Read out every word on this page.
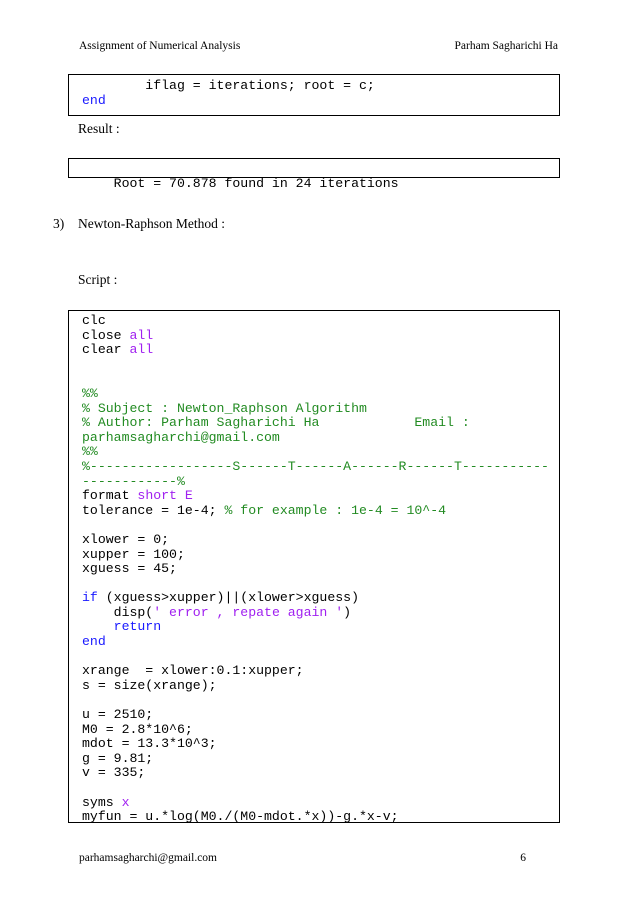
Assignment of Numerical Analysis	Parham Sagharichi Ha
iflag = iterations; root = c;
end
Result :

Root = 70.878 found in 24 iterations

3) Newton-Raphson Method :
Script :
clc
close all
clear all

%%
% Subject : Newton_Raphson Algorithm
% Author: Parham Sagharichi Ha            Email :
parhamsagharchi@gmail.com
%%
%------------------S------T------A------R------T-----------
------------%
format short E
tolerance = 1e-4; % for example : 1e-4 = 10^-4

xlower = 0;
xupper = 100;
xguess = 45;

if (xguess>xupper)||(xlower>xguess)
disp(' error , repate again ')
return
end

xrange  = xlower:0.1:xupper;
s = size(xrange);

u = 2510;
M0 = 2.8*10^6;
mdot = 13.3*10^3;
g = 9.81;
v = 335;

syms x
myfun = u.*log(M0./(M0-mdot.*x))-g.*x-v;
parhamsagharchi@gmail.com	6
